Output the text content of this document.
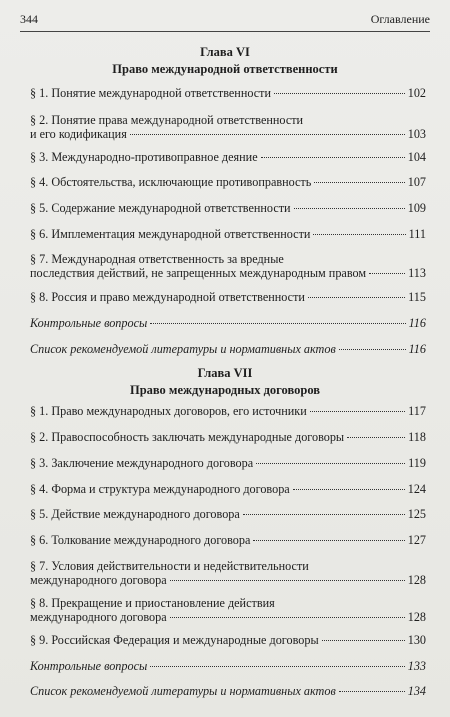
344	Оглавление
Глава VI
Право международной ответственности
§ 1. Понятие международной ответственности	102
§ 2. Понятие права международной ответственности
и его кодификация	103
§ 3. Международно-противоправное деяние	104
§ 4. Обстоятельства, исключающие противоправность	107
§ 5. Содержание международной ответственности	109
§ 6. Имплементация международной ответственности	111
§ 7. Международная ответственность за вредные
последствия действий, не запрещенных международным правом	113
§ 8. Россия и право международной ответственности	115
Контрольные вопросы	116
Список рекомендуемой литературы и нормативных актов	116
Глава VII
Право международных договоров
§ 1. Право международных договоров, его источники	117
§ 2. Правоспособность заключать международные договоры	118
§ 3. Заключение международного договора	119
§ 4. Форма и структура международного договора	124
§ 5. Действие международного договора	125
§ 6. Толкование международного договора	127
§ 7. Условия действительности и недействительности
международного договора	128
§ 8. Прекращение и приостановление действия
международного договора	128
§ 9. Российская Федерация и международные договоры	130
Контрольные вопросы	133
Список рекомендуемой литературы и нормативных актов	134
